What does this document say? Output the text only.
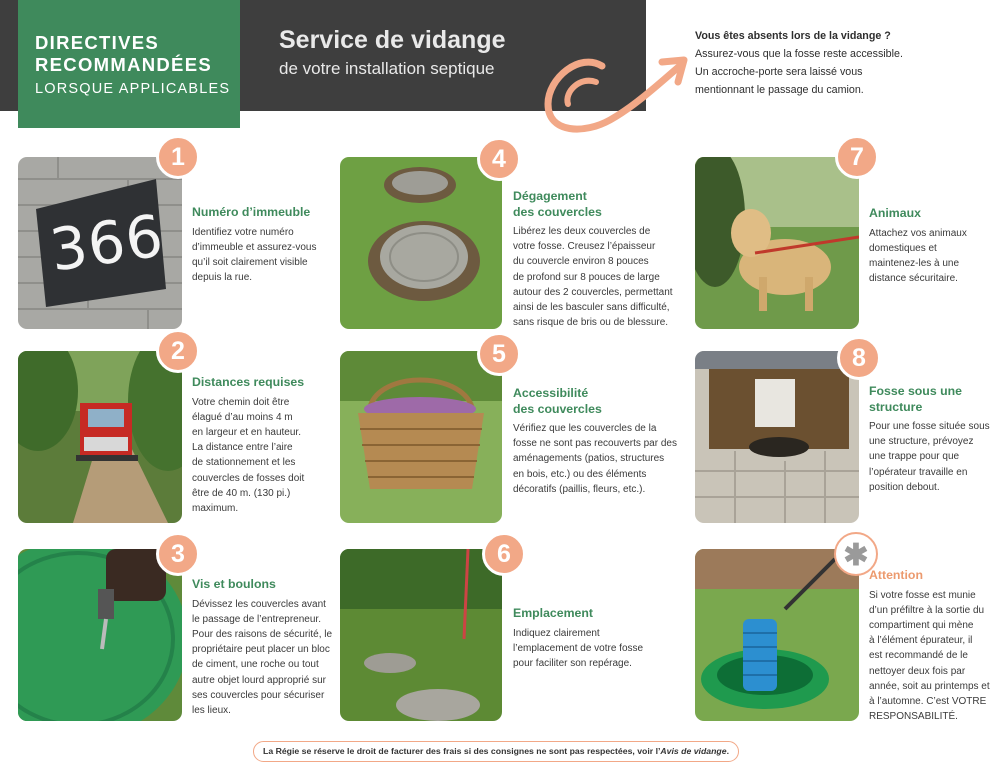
DIRECTIVES
RECOMMANDÉES
LORSQUE APPLICABLES
Service de vidange
de votre installation septique
Vous êtes absents lors de la vidange ?
Assurez-vous que la fosse reste accessible.
Un accroche-porte sera laissé vous
mentionnant le passage du camion.
366
1
2
3
4
5
6
7
8
✱
Numéro d’immeuble
Identifiez votre numéro
d’immeuble et assurez-vous
qu’il soit clairement visible
depuis la rue.
Distances requises
Votre chemin doit être
élagué d’au moins 4 m
en largeur et en hauteur.
La distance entre l’aire
de stationnement et les
couvercles de fosses doit
être de 40 m. (130 pi.)
maximum.
Vis et boulons
Dévissez les couvercles avant
le passage de l’entrepreneur.
Pour des raisons de sécurité, le
propriétaire peut placer un bloc
de ciment, une roche ou tout
autre objet lourd approprié sur
ses couvercles pour sécuriser
les lieux.
Dégagement
des couvercles
Libérez les deux couvercles de
votre fosse. Creusez l’épaisseur
du couvercle environ 8 pouces
de profond sur 8 pouces de large
autour des 2 couvercles, permettant
ainsi de les basculer sans difficulté,
sans risque de bris ou de blessure.
Accessibilité
des couvercles
Vérifiez que les couvercles de la
fosse ne sont pas recouverts par des
aménagements (patios, structures
en bois, etc.) ou des éléments
décoratifs (paillis, fleurs, etc.).
Emplacement
Indiquez clairement
l’emplacement de votre fosse
pour faciliter son repérage.
Animaux
Attachez vos animaux
domestiques et
maintenez-les à une
distance sécuritaire.
Fosse sous une
structure
Pour une fosse située sous
une structure, prévoyez
une trappe pour que
l’opérateur travaille en
position debout.
Attention
Si votre fosse est munie
d’un préfiltre à la sortie du
compartiment qui mène
à l’élément épurateur, il
est recommandé de le
nettoyer deux fois par
année, soit au printemps et
à l’automne. C’est VOTRE
RESPONSABILITÉ.
La Régie se réserve le droit de facturer des frais si des consignes ne sont pas respectées, voir l’Avis de vidange.
